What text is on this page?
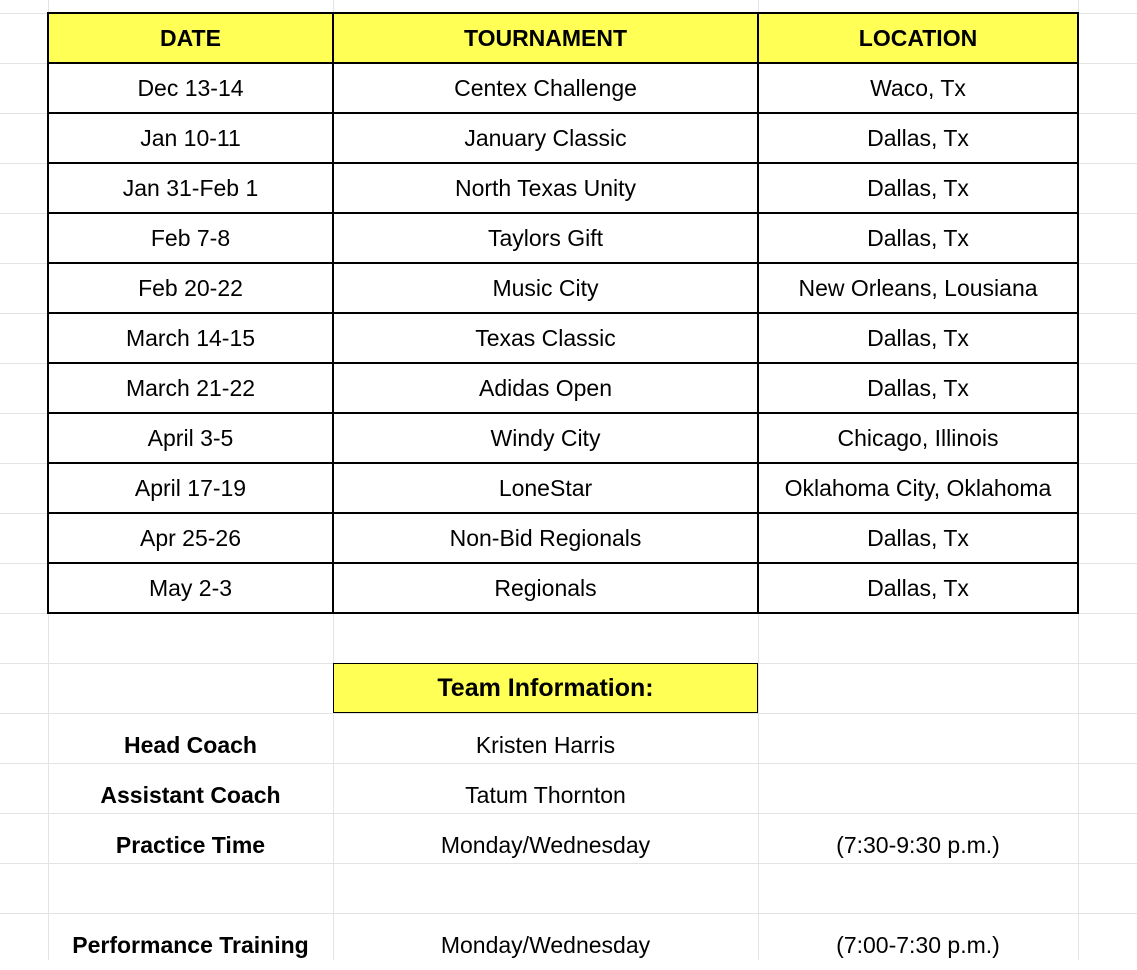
DATE	TOURNAMENT	LOCATION
Dec 13-14	Centex Challenge	Waco, Tx
Jan 10-11	January Classic	Dallas, Tx
Jan 31-Feb 1	North Texas Unity	Dallas, Tx
Feb 7-8	Taylors Gift	Dallas, Tx
Feb 20-22	Music City	New Orleans, Lousiana
March 14-15	Texas Classic	Dallas, Tx
March 21-22	Adidas Open	Dallas, Tx
April 3-5	Windy City	Chicago, Illinois
April 17-19	LoneStar	Oklahoma City, Oklahoma
Apr 25-26	Non-Bid Regionals	Dallas, Tx
May 2-3	Regionals	Dallas, Tx
Team Information:
Head Coach	Kristen Harris
Assistant Coach	Tatum Thornton
Practice Time	Monday/Wednesday	(7:30-9:30 p.m.)
Performance Training	Monday/Wednesday	(7:00-7:30 p.m.)
